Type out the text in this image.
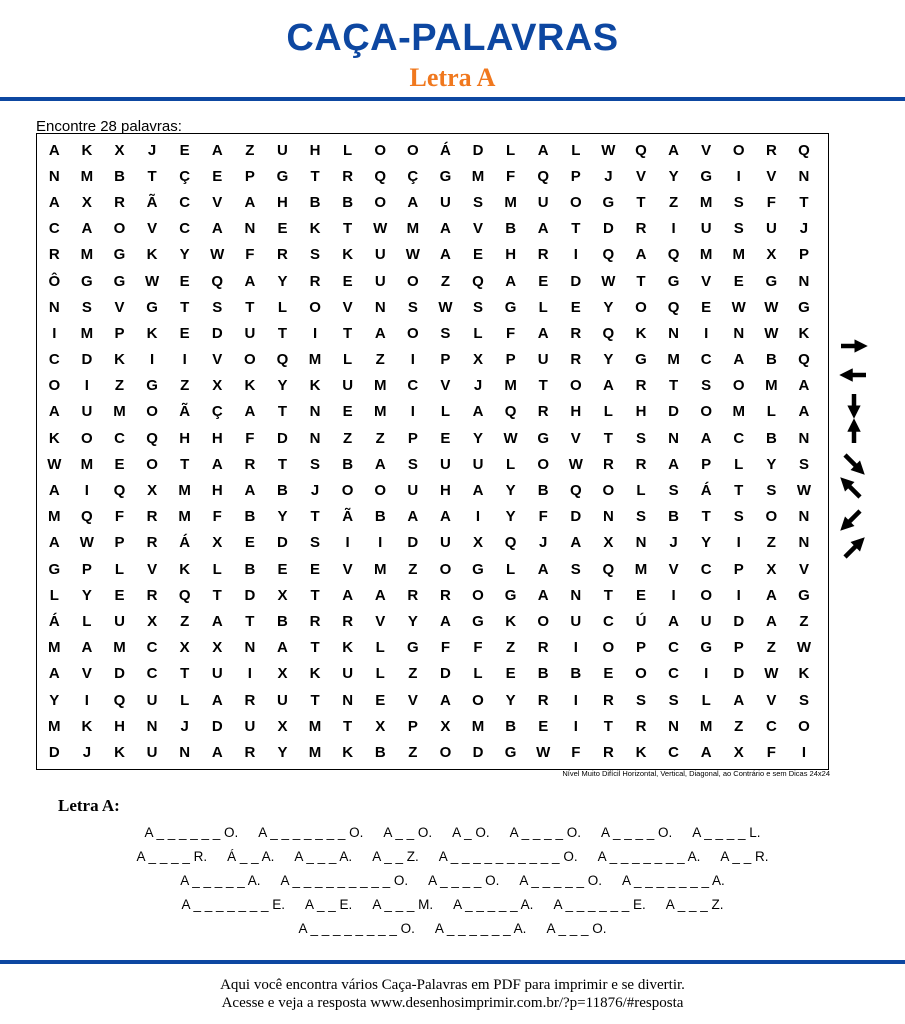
CAÇA-PALAVRAS
Letra A
Encontre 28 palavras:
A	K	X	J	E	A	Z	U	H	L	O	O	Á	D	L	A	L	W	Q	A	V	O	R	Q
N	M	B	T	Ç	E	P	G	T	R	Q	Ç	G	M	F	Q	P	J	V	Y	G	I	V	N
A	X	R	Ã	C	V	A	H	B	B	O	A	U	S	M	U	O	G	T	Z	M	S	F	T
C	A	O	V	C	A	N	E	K	T	W	M	A	V	B	A	T	D	R	I	U	S	U	J
R	M	G	K	Y	W	F	R	S	K	U	W	A	E	H	R	I	Q	A	Q	M	M	X	P
Ô	G	G	W	E	Q	A	Y	R	E	U	O	Z	Q	A	E	D	W	T	G	V	E	G	N
N	S	V	G	T	S	T	L	O	V	N	S	W	S	G	L	E	Y	O	Q	E	W	W	G
I	M	P	K	E	D	U	T	I	T	A	O	S	L	F	A	R	Q	K	N	I	N	W	K
C	D	K	I	I	V	O	Q	M	L	Z	I	P	X	P	U	R	Y	G	M	C	A	B	Q
O	I	Z	G	Z	X	K	Y	K	U	M	C	V	J	M	T	O	A	R	T	S	O	M	A
A	U	M	O	Ã	Ç	A	T	N	E	M	I	L	A	Q	R	H	L	H	D	O	M	L	A
K	O	C	Q	H	H	F	D	N	Z	Z	P	E	Y	W	G	V	T	S	N	A	C	B	N
W	M	E	O	T	A	R	T	S	B	A	S	U	U	L	O	W	R	R	A	P	L	Y	S
A	I	Q	X	M	H	A	B	J	O	O	U	H	A	Y	B	Q	O	L	S	Á	T	S	W
M	Q	F	R	M	F	B	Y	T	Ã	B	A	A	I	Y	F	D	N	S	B	T	S	O	N
A	W	P	R	Á	X	E	D	S	I	I	D	U	X	Q	J	A	X	N	J	Y	I	Z	N
G	P	L	V	K	L	B	E	E	V	M	Z	O	G	L	A	S	Q	M	V	C	P	X	V
L	Y	E	R	Q	T	D	X	T	A	A	R	R	O	G	A	N	T	E	I	O	I	A	G
Á	L	U	X	Z	A	T	B	R	R	V	Y	A	G	K	O	U	C	Ú	A	U	D	A	Z
M	A	M	C	X	X	N	A	T	K	L	G	F	F	Z	R	I	O	P	C	G	P	Z	W
A	V	D	C	T	U	I	X	K	U	L	Z	D	L	E	B	B	E	O	C	I	D	W	K
Y	I	Q	U	L	A	R	U	T	N	E	V	A	O	Y	R	I	R	S	S	L	A	V	S
M	K	H	N	J	D	U	X	M	T	X	P	X	M	B	E	I	T	R	N	M	Z	C	O
D	J	K	U	N	A	R	Y	M	K	B	Z	O	D	G	W	F	R	K	C	A	X	F	I
Nível Muito Difícil Horizontal, Vertical, Diagonal, ao Contrário e sem Dicas 24x24
Letra A:
A _ _ _ _ _ _ O. A _ _ _ _ _ _ _ O. A _ _ O. A _ O. A _ _ _ _ O. A _ _ _ _ O. A _ _ _ _ L.
A _ _ _ _ R. Á _ _ A. A _ _ _ A. A _ _ Z. A _ _ _ _ _ _ _ _ _ _ O. A _ _ _ _ _ _ _ A. A _ _ R.
A _ _ _ _ _ A. A _ _ _ _ _ _ _ _ _ O. A _ _ _ _ O. A _ _ _ _ _ O. A _ _ _ _ _ _ _ A.
A _ _ _ _ _ _ _ E. A _ _ E. A _ _ _ M. A _ _ _ _ _ A. A _ _ _ _ _ _ E. A _ _ _ Z.
A _ _ _ _ _ _ _ _ O. A _ _ _ _ _ _ A. A _ _ _ O.
Aqui você encontra vários Caça-Palavras em PDF para imprimir e se divertir.
Acesse e veja a resposta www.desenhosimprimir.com.br/?p=11876/#resposta
